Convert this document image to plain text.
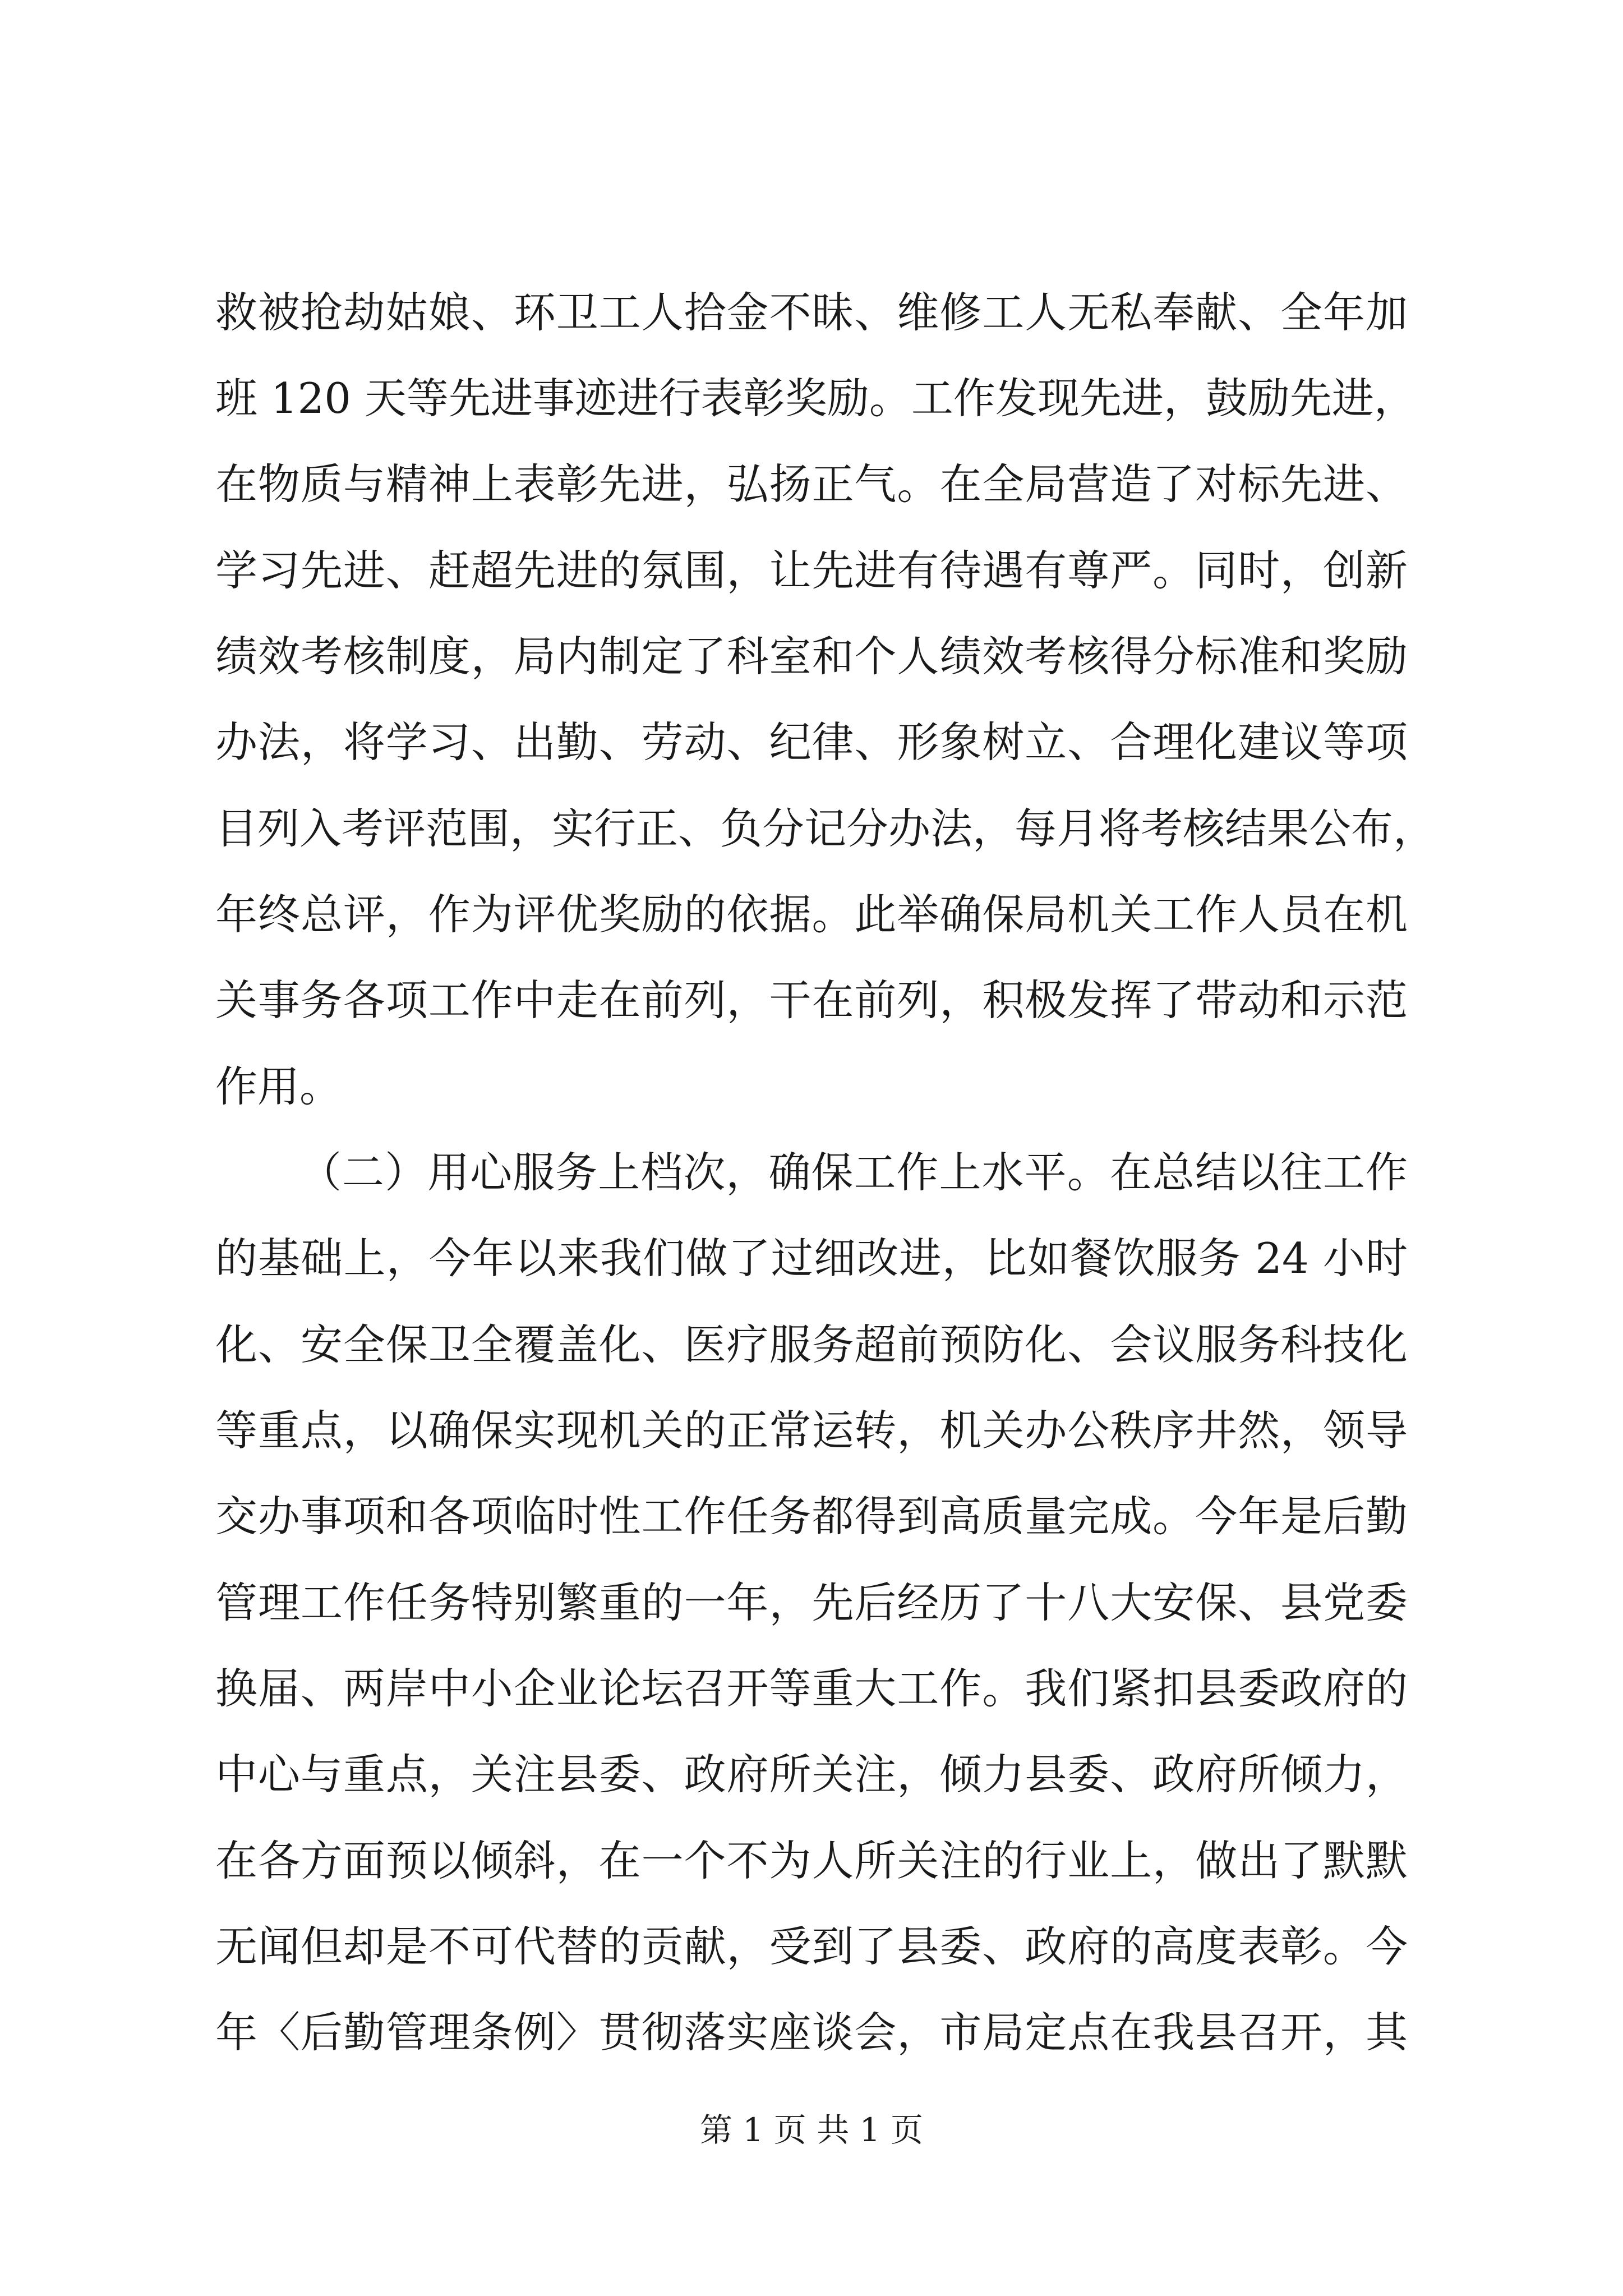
救被抢劫姑娘、环卫工人拾金不昧、维修工人无私奉献、全年加
班 120 天等先进事迹进行表彰奖励。工作发现先进，鼓励先进，
在物质与精神上表彰先进，弘扬正气。在全局营造了对标先进、
学习先进、赶超先进的氛围，让先进有待遇有尊严。同时，创新
绩效考核制度，局内制定了科室和个人绩效考核得分标准和奖励
办法，将学习、出勤、劳动、纪律、形象树立、合理化建议等项
目列入考评范围，实行正、负分记分办法，每月将考核结果公布，
年终总评，作为评优奖励的依据。此举确保局机关工作人员在机
关事务各项工作中走在前列，干在前列，积极发挥了带动和示范
作用。
（二）用心服务上档次，确保工作上水平。在总结以往工作
的基础上，今年以来我们做了过细改进，比如餐饮服务 24 小时
化、安全保卫全覆盖化、医疗服务超前预防化、会议服务科技化
等重点，以确保实现机关的正常运转，机关办公秩序井然，领导
交办事项和各项临时性工作任务都得到高质量完成。今年是后勤
管理工作任务特别繁重的一年，先后经历了十八大安保、县党委
换届、两岸中小企业论坛召开等重大工作。我们紧扣县委政府的
中心与重点，关注县委、政府所关注，倾力县委、政府所倾力，
在各方面预以倾斜，在一个不为人所关注的行业上，做出了默默
无闻但却是不可代替的贡献，受到了县委、政府的高度表彰。今
年〈后勤管理条例〉贯彻落实座谈会，市局定点在我县召开，其
第 1 页 共 1 页
